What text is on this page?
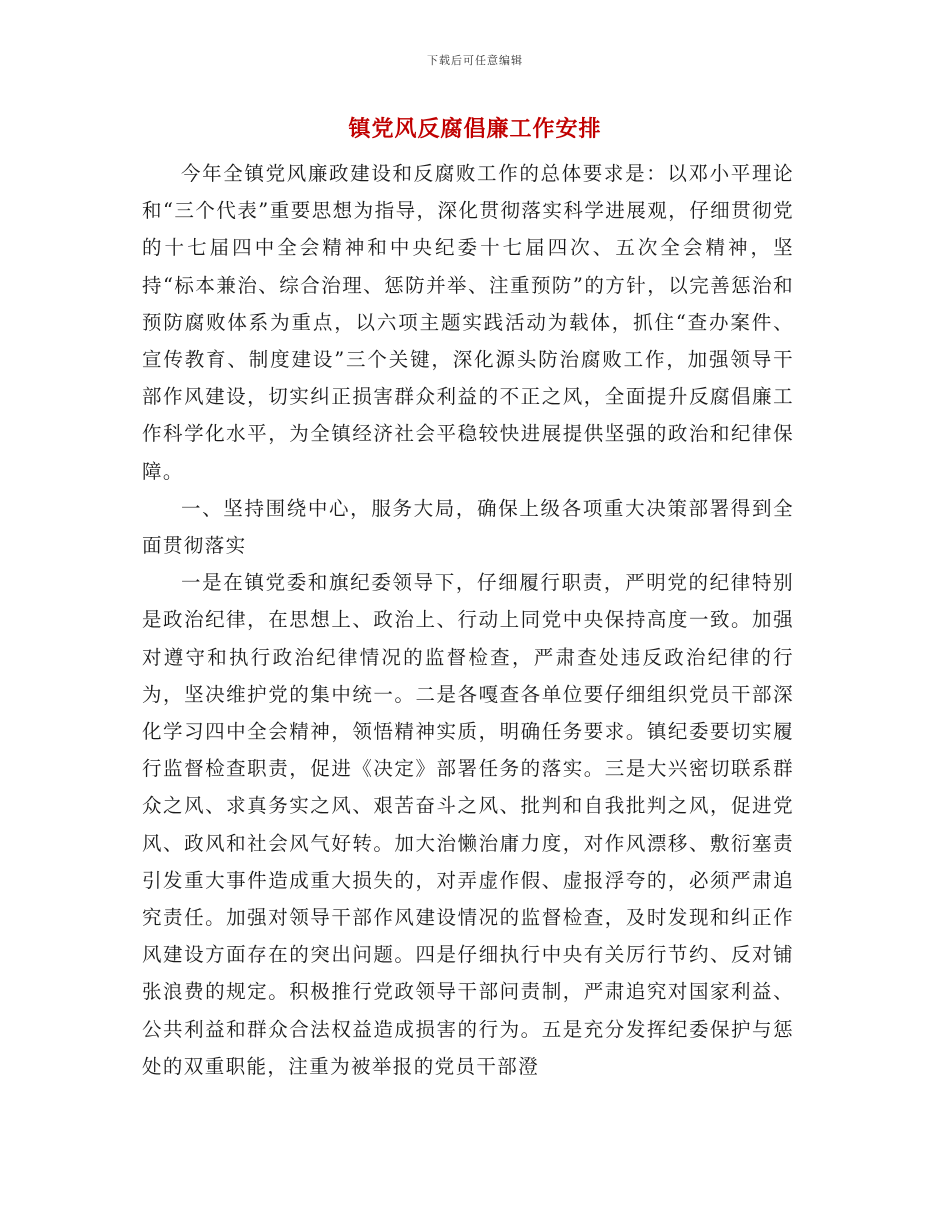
下载后可任意编辑
镇党风反腐倡廉工作安排

今年全镇党风廉政建设和反腐败工作的总体要求是：以邓小平理论和“三个代表”重要思想为指导，深化贯彻落实科学进展观，仔细贯彻党的十七届四中全会精神和中央纪委十七届四次、五次全会精神，坚持“标本兼治、综合治理、惩防并举、注重预防”的方针，以完善惩治和预防腐败体系为重点，以六项主题实践活动为载体，抓住“查办案件、宣传教育、制度建设”三个关键，深化源头防治腐败工作，加强领导干部作风建设，切实纠正损害群众利益的不正之风，全面提升反腐倡廉工作科学化水平，为全镇经济社会平稳较快进展提供坚强的政治和纪律保障。

一、坚持围绕中心，服务大局，确保上级各项重大决策部署得到全面贯彻落实

一是在镇党委和旗纪委领导下，仔细履行职责，严明党的纪律特别是政治纪律，在思想上、政治上、行动上同党中央保持高度一致。加强对遵守和执行政治纪律情况的监督检查，严肃查处违反政治纪律的行为，坚决维护党的集中统一。二是各嘎查各单位要仔细组织党员干部深化学习四中全会精神，领悟精神实质，明确任务要求。镇纪委要切实履行监督检查职责，促进《决定》部署任务的落实。三是大兴密切联系群众之风、求真务实之风、艰苦奋斗之风、批判和自我批判之风，促进党风、政风和社会风气好转。加大治懒治庸力度，对作风漂移、敷衍塞责引发重大事件造成重大损失的，对弄虚作假、虚报浮夸的，必须严肃追究责任。加强对领导干部作风建设情况的监督检查，及时发现和纠正作风建设方面存在的突出问题。四是仔细执行中央有关厉行节约、反对铺张浪费的规定。积极推行党政领导干部问责制，严肃追究对国家利益、公共利益和群众合法权益造成损害的行为。五是充分发挥纪委保护与惩处的双重职能，注重为被举报的党员干部澄
